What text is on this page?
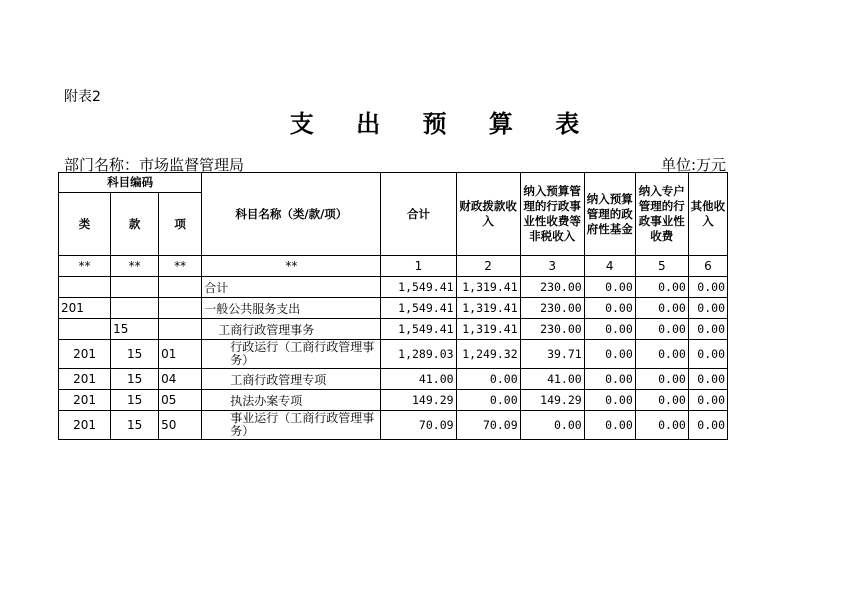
附表2
支 出 预 算 表
部门名称：市场监督管理局	单位:万元
科目编码			科目名称（类/款/项）	合计	财政拨款收入	纳入预算管理的行政事业性收费等非税收入	纳入预算管理的政府性基金	纳入专户管理的行政事业性收费	其他收入
类	款	项							
**	**	**	**	1	2	3	4	5	6
			合计	1,549.41	1,319.41	230.00	0.00	0.00	0.00
201			一般公共服务支出	1,549.41	1,319.41	230.00	0.00	0.00	0.00
	15		工商行政管理事务	1,549.41	1,319.41	230.00	0.00	0.00	0.00
201	15	01	行政运行（工商行政管理事务）	1,289.03	1,249.32	39.71	0.00	0.00	0.00
201	15	04	工商行政管理专项	41.00	0.00	41.00	0.00	0.00	0.00
201	15	05	执法办案专项	149.29	0.00	149.29	0.00	0.00	0.00
201	15	50	事业运行（工商行政管理事务）	70.09	70.09	0.00	0.00	0.00	0.00
